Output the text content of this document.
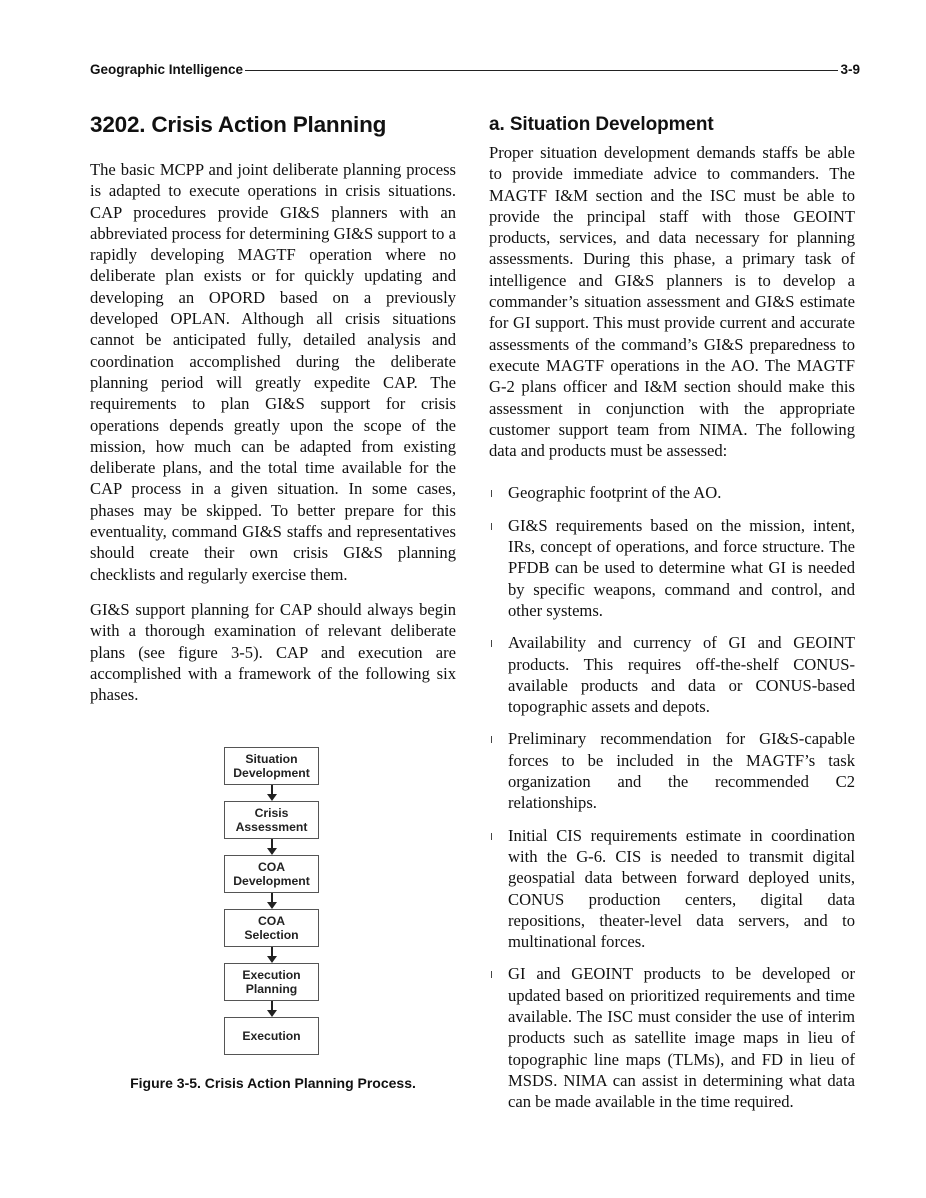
Geographic Intelligence	3-9
3202. Crisis Action Planning

The basic MCPP and joint deliberate planning process is adapted to execute operations in crisis situations. CAP procedures provide GI&S planners with an abbreviated process for determining GI&S support to a rapidly developing MAGTF operation where no deliberate plan exists or for quickly updating and developing an OPORD based on a previously developed OPLAN. Although all crisis situations cannot be anticipated fully, detailed analysis and coordination accomplished during the deliberate planning period will greatly expedite CAP. The requirements to plan GI&S support for crisis operations depends greatly upon the scope of the mission, how much can be adapted from existing deliberate plans, and the total time available for the CAP process in a given situation. In some cases, phases may be skipped. To better prepare for this eventuality, command GI&S staffs and representatives should create their own crisis GI&S planning checklists and regularly exercise them.

GI&S support planning for CAP should always begin with a thorough examination of relevant deliberate plans (see figure 3-5). CAP and execution are accomplished with a framework of the following six phases.

Situation
Development
Crisis
Assessment
COA
Development
COA
Selection
Execution
Planning
Execution
Figure 3-5. Crisis Action Planning Process.
a. Situation Development

Proper situation development demands staffs be able to provide immediate advice to commanders. The MAGTF I&M section and the ISC must be able to provide the principal staff with those GEOINT products, services, and data necessary for planning assessments. During this phase, a primary task of intelligence and GI&S planners is to develop a commander’s situation assessment and GI&S estimate for GI support. This must provide current and accurate assessments of the command’s GI&S preparedness to execute MAGTF operations in the AO. The MAGTF G-2 plans officer and I&M section should make this assessment in conjunction with the appropriate customer support team from NIMA. The following data and products must be assessed:

Geographic footprint of the AO.
GI&S requirements based on the mission, intent, IRs, concept of operations, and force structure. The PFDB can be used to determine what GI is needed by specific weapons, command and control, and other systems.
Availability and currency of GI and GEOINT products. This requires off-the-shelf CONUS-available products and data or CONUS-based topographic assets and depots.
Preliminary recommendation for GI&S-capable forces to be included in the MAGTF’s task organization and the recommended C2 relationships.
Initial CIS requirements estimate in coordination with the G-6. CIS is needed to transmit digital geospatial data between forward deployed units, CONUS production centers, digital data repositions, theater-level data servers, and to multinational forces.
GI and GEOINT products to be developed or updated based on prioritized requirements and time available. The ISC must consider the use of interim products such as satellite image maps in lieu of topographic line maps (TLMs), and FD in lieu of MSDS. NIMA can assist in determining what data can be made available in the time required.
